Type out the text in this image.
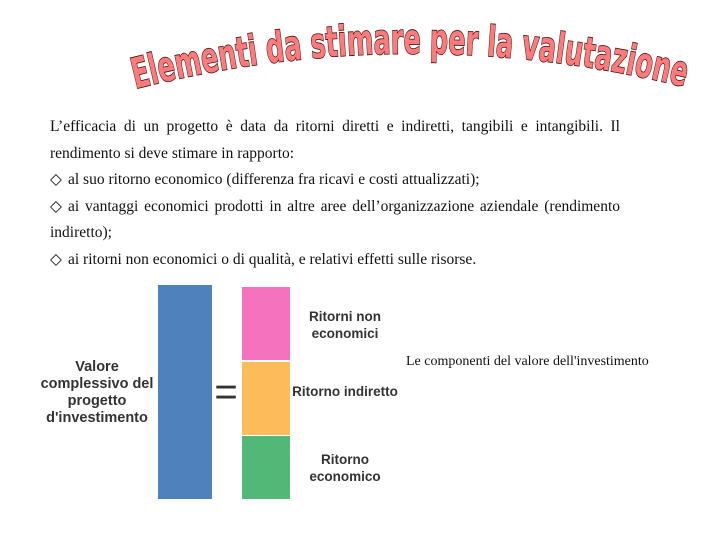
Elementi da stimare per la valutazione

L’efficacia di un progetto è data da ritorni diretti e indiretti, tangibili e intangibili. Il rendimento si deve stimare in rapporto:

◇ al suo ritorno economico (differenza fra ricavi e costi attualizzati);

◇ ai vantaggi economici prodotti in altre aree dell’organizzazione aziendale (rendimento indiretto);

◇ ai ritorni non economici o di qualità, e relativi effetti sulle risorse.

Valore complessivo del progetto d'investimento
=
Ritorni non economici
Ritorno indiretto
Ritorno economico
Le componenti del valore dell'investimento
